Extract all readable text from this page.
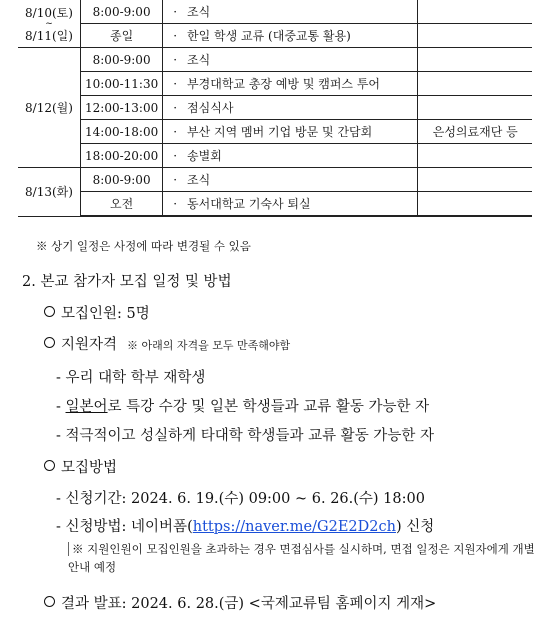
8/10(토)
~
8/11(일)	8:00-9:00	· 조식	
	종일	· 한일 학생 교류 (대중교통 활용)	
8/12(월)	8:00-9:00	· 조식	
	10:00-11:30	· 부경대학교 총장 예방 및 캠퍼스 투어	
	12:00-13:00	· 점심식사	
	14:00-18:00	· 부산 지역 멤버 기업 방문 및 간담회	은성의료재단 등
	18:00-20:00	· 송별회	
8/13(화)	8:00-9:00	· 조식	
	오전	· 동서대학교 기숙사 퇴실	
※ 상기 일정은 사정에 따라 변경될 수 있음
2. 본교 참가자 모집 일정 및 방법
모집인원: 5명
지원자격 ※ 아래의 자격을 모두 만족해야함
- 우리 대학 학부 재학생
- 일본어로 특강 수강 및 일본 학생들과 교류 활동 가능한 자
- 적극적이고 성실하게 타대학 학생들과 교류 활동 가능한 자
모집방법
- 신청기간: 2024. 6. 19.(수) 09:00 ~ 6. 26.(수) 18:00
- 신청방법: 네이버폼(https://naver.me/G2E2D2ch) 신청
※ 지원인원이 모집인원을 초과하는 경우 면접심사를 실시하며, 면접 일정은 지원자에게 개별 안내 예정
결과 발표: 2024. 6. 28.(금) <국제교류팀 홈페이지 게재>
